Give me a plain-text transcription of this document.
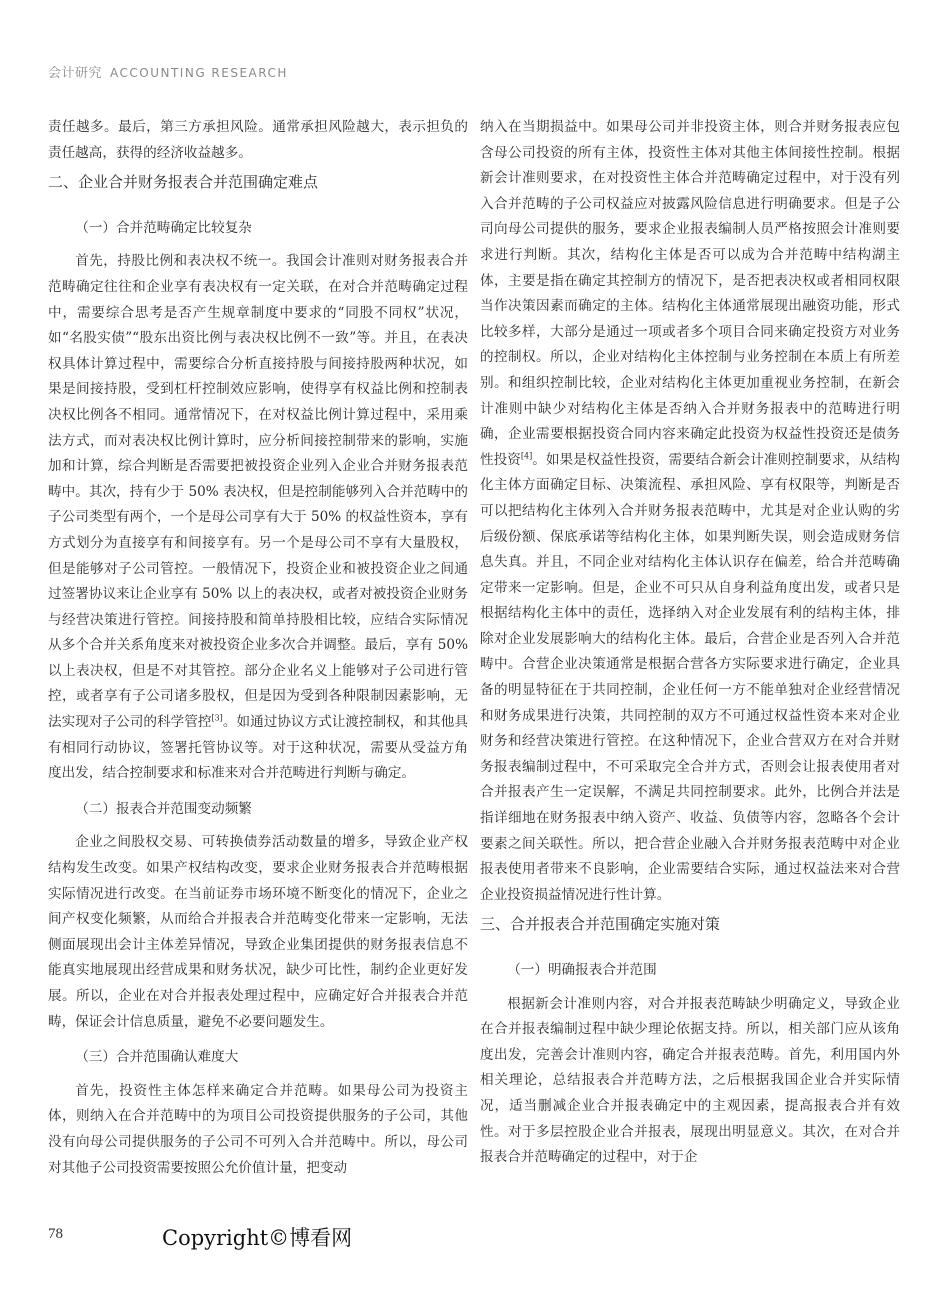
会计研究 ACCOUNTING RESEARCH

责任越多。最后，第三方承担风险。通常承担风险越大，表示担负的责任越高，获得的经济收益越多。

二、企业合并财务报表合并范围确定难点
（一）合并范畴确定比较复杂

首先，持股比例和表决权不统一。我国会计准则对财务报表合并范畴确定往往和企业享有表决权有一定关联，在对合并范畴确定过程中，需要综合思考是否产生规章制度中要求的“同股不同权”状况，如“名股实债”“股东出资比例与表决权比例不一致”等。并且，在表决权具体计算过程中，需要综合分析直接持股与间接持股两种状况，如果是间接持股，受到杠杆控制效应影响，使得享有权益比例和控制表决权比例各不相同。通常情况下，在对权益比例计算过程中，采用乘法方式，而对表决权比例计算时，应分析间接控制带来的影响，实施加和计算，综合判断是否需要把被投资企业列入企业合并财务报表范畴中。其次，持有少于 50% 表决权，但是控制能够列入合并范畴中的子公司类型有两个，一个是母公司享有大于 50% 的权益性资本，享有方式划分为直接享有和间接享有。另一个是母公司不享有大量股权，但是能够对子公司管控。一般情况下，投资企业和被投资企业之间通过签署协议来让企业享有 50% 以上的表决权，或者对被投资企业财务与经营决策进行管控。间接持股和简单持股相比较，应结合实际情况从多个合并关系角度来对被投资企业多次合并调整。最后，享有 50% 以上表决权，但是不对其管控。部分企业名义上能够对子公司进行管控，或者享有子公司诸多股权，但是因为受到各种限制因素影响，无法实现对子公司的科学管控[3]。如通过协议方式让渡控制权，和其他具有相同行动协议，签署托管协议等。对于这种状况，需要从受益方角度出发，结合控制要求和标准来对合并范畴进行判断与确定。

（二）报表合并范围变动频繁

企业之间股权交易、可转换债券活动数量的增多，导致企业产权结构发生改变。如果产权结构改变，要求企业财务报表合并范畴根据实际情况进行改变。在当前证券市场环境不断变化的情况下，企业之间产权变化频繁，从而给合并报表合并范畴变化带来一定影响，无法侧面展现出会计主体差异情况，导致企业集团提供的财务报表信息不能真实地展现出经营成果和财务状况，缺少可比性，制约企业更好发展。所以，企业在对合并报表处理过程中，应确定好合并报表合并范畴，保证会计信息质量，避免不必要问题发生。

（三）合并范围确认难度大

首先，投资性主体怎样来确定合并范畴。如果母公司为投资主体，则纳入在合并范畴中的为项目公司投资提供服务的子公司，其他没有向母公司提供服务的子公司不可列入合并范畴中。所以，母公司对其他子公司投资需要按照公允价值计量，把变动

纳入在当期损益中。如果母公司并非投资主体，则合并财务报表应包含母公司投资的所有主体，投资性主体对其他主体间接性控制。根据新会计准则要求，在对投资性主体合并范畴确定过程中，对于没有列入合并范畴的子公司权益应对披露风险信息进行明确要求。但是子公司向母公司提供的服务，要求企业报表编制人员严格按照会计准则要求进行判断。其次，结构化主体是否可以成为合并范畴中结构湖主体，主要是指在确定其控制方的情况下，是否把表决权或者相同权限当作决策因素而确定的主体。结构化主体通常展现出融资功能，形式比较多样，大部分是通过一项或者多个项目合同来确定投资方对业务的控制权。所以，企业对结构化主体控制与业务控制在本质上有所差别。和组织控制比较，企业对结构化主体更加重视业务控制，在新会计准则中缺少对结构化主体是否纳入合并财务报表中的范畴进行明确，企业需要根据投资合同内容来确定此投资为权益性投资还是债务性投资[4]。如果是权益性投资，需要结合新会计准则控制要求，从结构化主体方面确定目标、决策流程、承担风险、享有权限等，判断是否可以把结构化主体列入合并财务报表范畴中，尤其是对企业认购的劣后级份额、保底承诺等结构化主体，如果判断失误，则会造成财务信息失真。并且，不同企业对结构化主体认识存在偏差，给合并范畴确定带来一定影响。但是，企业不可只从自身利益角度出发，或者只是根据结构化主体中的责任，选择纳入对企业发展有利的结构主体，排除对企业发展影响大的结构化主体。最后，合营企业是否列入合并范畴中。合营企业决策通常是根据合营各方实际要求进行确定，企业具备的明显特征在于共同控制，企业任何一方不能单独对企业经营情况和财务成果进行决策，共同控制的双方不可通过权益性资本来对企业财务和经营决策进行管控。在这种情况下，企业合营双方在对合并财务报表编制过程中，不可采取完全合并方式，否则会让报表使用者对合并报表产生一定误解，不满足共同控制要求。此外，比例合并法是指详细地在财务报表中纳入资产、收益、负债等内容，忽略各个会计要素之间关联性。所以，把合营企业融入合并财务报表范畴中对企业报表使用者带来不良影响，企业需要结合实际，通过权益法来对合营企业投资损益情况进行性计算。

三、合并报表合并范围确定实施对策
（一）明确报表合并范围

根据新会计准则内容，对合并报表范畴缺少明确定义，导致企业在合并报表编制过程中缺少理论依据支持。所以，相关部门应从该角度出发，完善会计准则内容，确定合并报表范畴。首先，利用国内外相关理论，总结报表合并范畴方法，之后根据我国企业合并实际情况，适当删减企业合并报表确定中的主观因素，提高报表合并有效性。对于多层控股企业合并报表，展现出明显意义。其次，在对合并报表合并范畴确定的过程中，对于企

78	Copyright©博看网
